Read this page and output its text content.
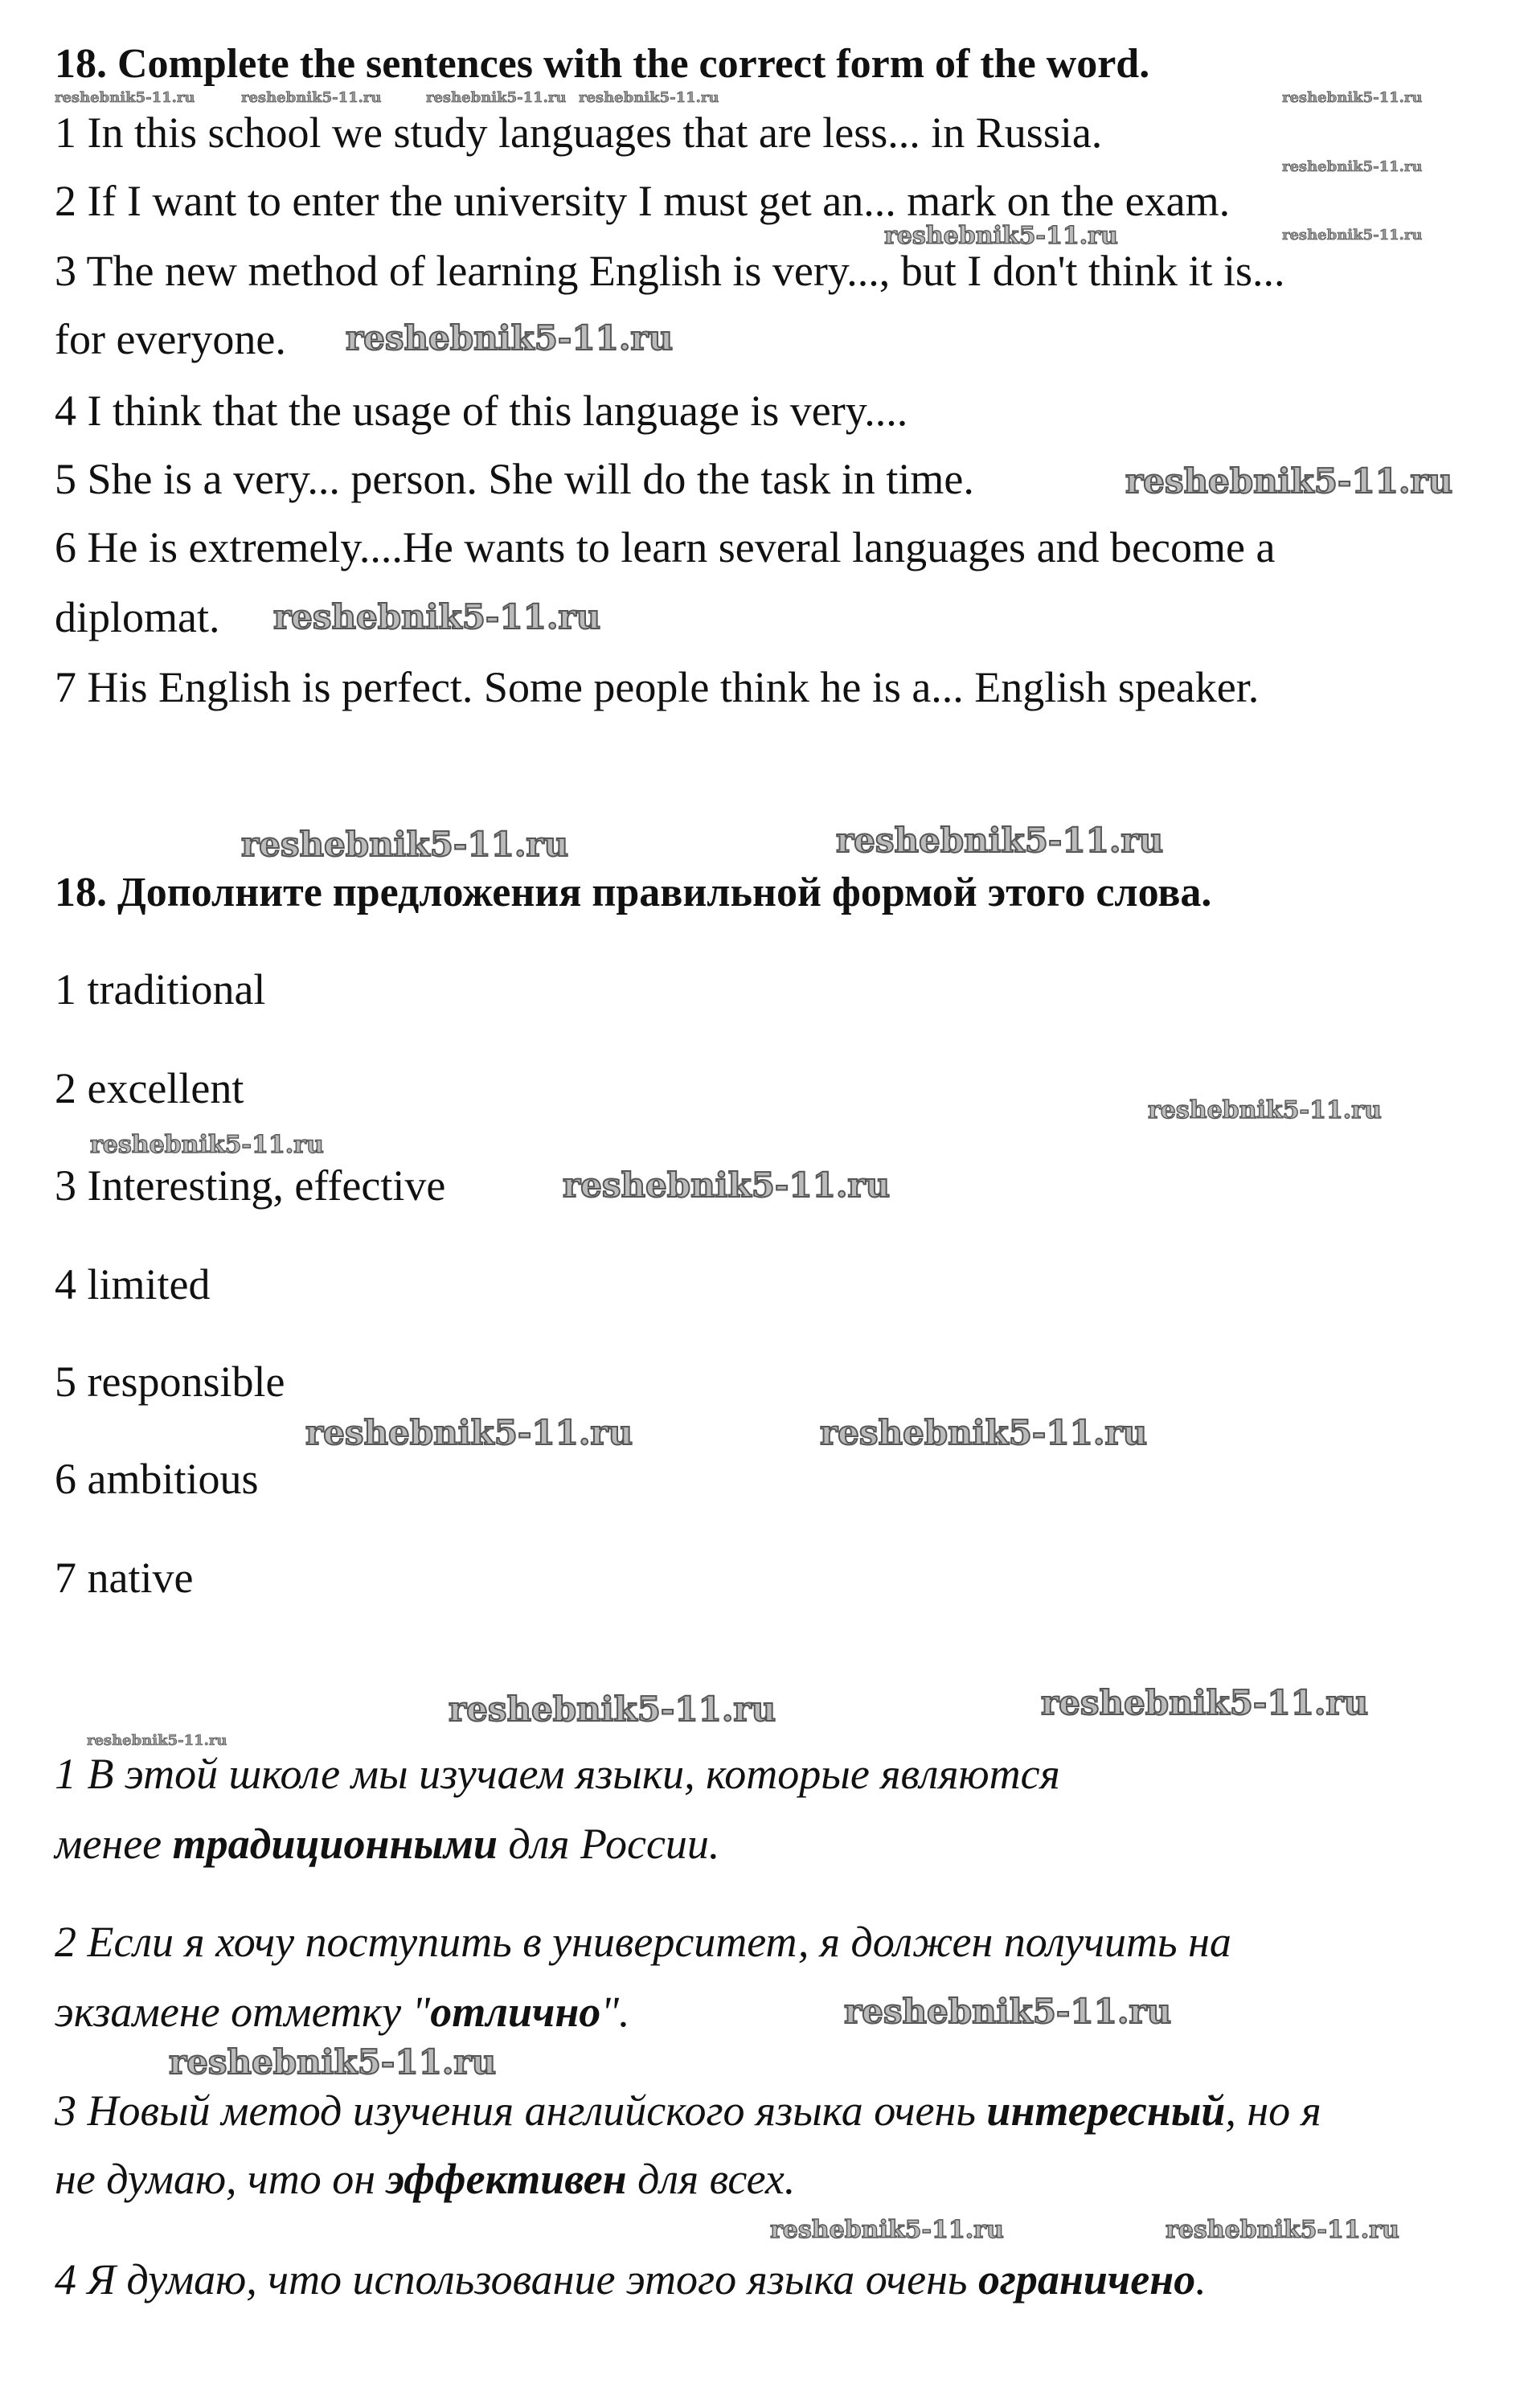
18. Complete the sentences with the correct form of the word.
1 In this school we study languages that are less... in Russia.
2 If I want to enter the university I must get an... mark on the exam.
3 The new method of learning English is very..., but I don't think it is...
for everyone.
4 I think that the usage of this language is very....
5 She is a very... person. She will do the task in time.
6 He is extremely....He wants to learn several languages and become a
diplomat.
7 His English is perfect. Some people think he is a... English speaker.
18. Дополните предложения правильной формой этого слова.
1 traditional
2 excellent
3 Interesting, effective
4 limited
5 responsible
6 ambitious
7 native
1 В этой школе мы изучаем языки, которые являются
менее традиционными для России.
2 Если я хочу поступить в университет, я должен получить на
экзамене отметку "отлично".
3 Новый метод изучения английского языка очень интересный, но я
не думаю, что он эффективен для всех.
4 Я думаю, что использование этого языка очень ограничено.
reshebnik5-11.ru	reshebnik5-11.ru	reshebnik5-11.ru reshebnik5-11.ru	reshebnik5-11.ru
reshebnik5-11.ru
reshebnik5-11.ru
reshebnik5-11.ru
reshebnik5-11.ru
reshebnik5-11.ru
reshebnik5-11.ru
reshebnik5-11.ru	reshebnik5-11.ru
reshebnik5-11.ru
reshebnik5-11.ru
reshebnik5-11.ru
reshebnik5-11.ru	reshebnik5-11.ru
reshebnik5-11.ru	reshebnik5-11.ru
reshebnik5-11.ru
reshebnik5-11.ru
reshebnik5-11.ru
reshebnik5-11.ru	reshebnik5-11.ru
